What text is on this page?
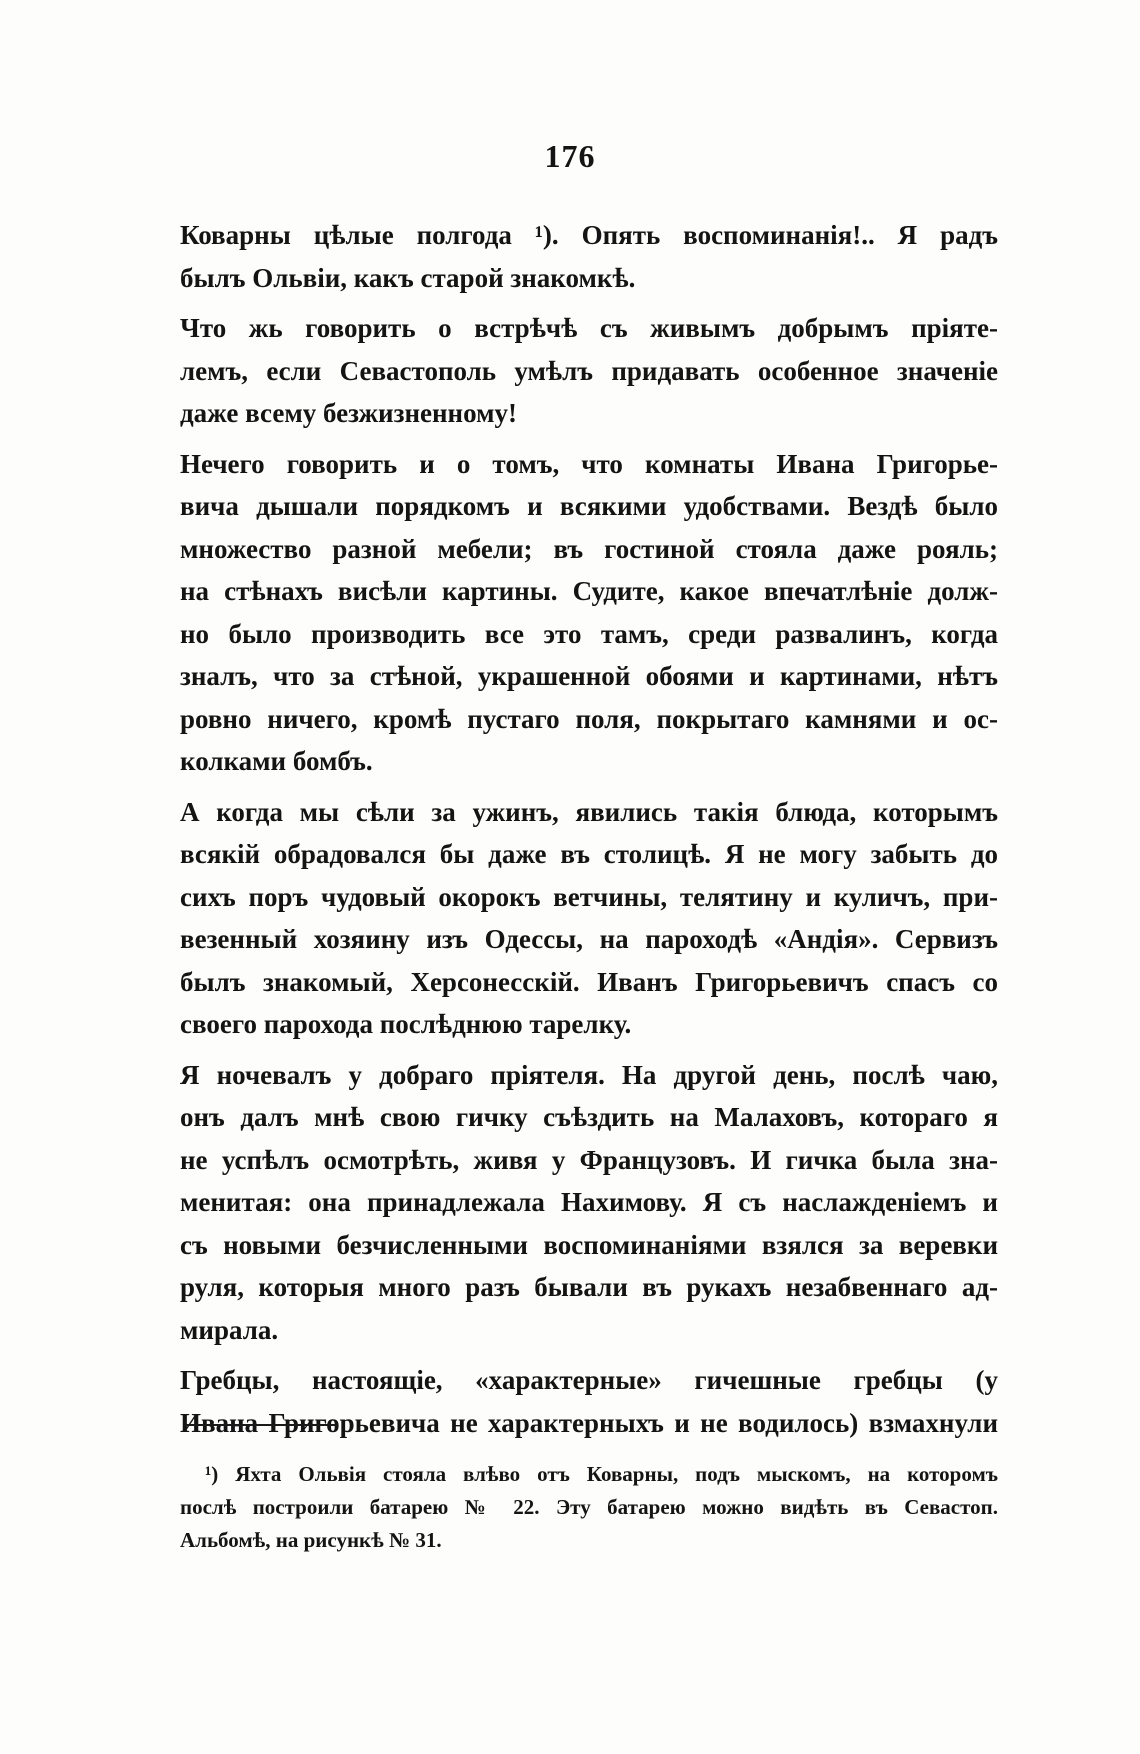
176
Коварны цѣлые полгода ¹). Опять воспоминанія!.. Я радъ
былъ Ольвіи, какъ старой знакомкѣ.
Что жь говорить о встрѣчѣ съ живымъ добрымъ пріяте-
лемъ, если Севастополь умѣлъ придавать особенное значеніе
даже всему безжизненному!
Нечего говорить и о томъ, что комнаты Ивана Григорье-
вича дышали порядкомъ и всякими удобствами. Вездѣ было
множество разной мебели; въ гостиной стояла даже рояль;
на стѣнахъ висѣли картины. Судите, какое впечатлѣніе долж-
но было производить все это тамъ, среди развалинъ, когда
зналъ, что за стѣной, украшенной обоями и картинами, нѣтъ
ровно ничего, кромѣ пустаго поля, покрытаго камнями и ос-
колками бомбъ.
А когда мы сѣли за ужинъ, явились такія блюда, которымъ
всякій обрадовался бы даже въ столицѣ. Я не могу забыть до
сихъ поръ чудовый окорокъ ветчины, телятину и куличъ, при-
везенный хозяину изъ Одессы, на пароходѣ «Андія». Сервизъ
былъ знакомый, Херсонесскій. Иванъ Григорьевичъ спасъ со
своего парохода послѣднюю тарелку.
Я ночевалъ у добраго пріятеля. На другой день, послѣ чаю,
онъ далъ мнѣ свою гичку съѣздить на Малаховъ, котораго я
не успѣлъ осмотрѣть, живя у Французовъ. И гичка была зна-
менитая: она принадлежала Нахимову. Я съ наслажденіемъ и
съ новыми безчисленными воспоминаніями взялся за веревки
руля, которыя много разъ бывали въ рукахъ незабвеннаго ад-
мирала.
Гребцы, настоящіе, «характерные» гичешные гребцы (у
Ивана Григорьевича не характерныхъ и не водилось) взмахнули
¹) Яхта Ольвія стояла влѣво отъ Коварны, подъ мыскомъ, на которомъ
послѣ построили батарею № 22. Эту батарею можно видѣть въ Севастоп.
Альбомѣ, на рисункѣ № 31.
